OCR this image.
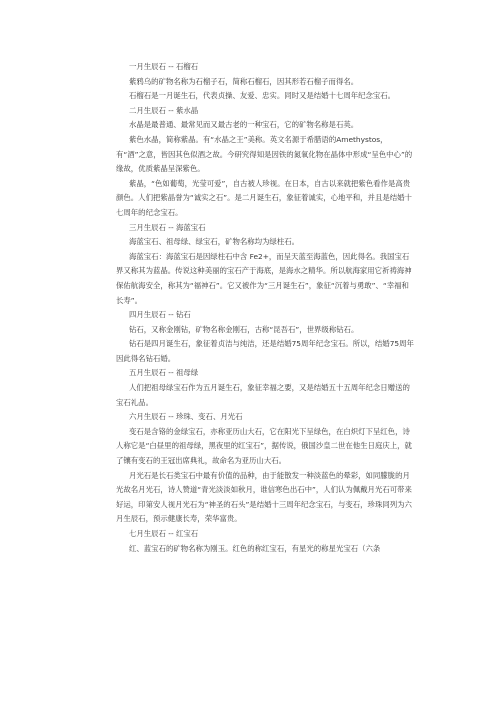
一月生辰石 -- 石榴石

紫鸦乌的矿物名称为石榴子石，简称石榴石，因其形若石榴子而得名。

石榴石是一月诞生石，代表贞操、友爱、忠实。同时又是结婚十七周年纪念宝石。

二月生辰石 -- 紫水晶

水晶是最普通、最常见而又最古老的一种宝石，它的矿物名称是石英。

紫色水晶，简称紫晶。有“水晶之王”美称。英文名源于希腊语的Amethystos，有“酒”之意，皆因其色似酒之故。今研究得知是因铁的氮氧化物在晶体中形成“呈色中心”的缘故，优质紫晶呈深紫色。

紫晶，“色如葡萄，光莹可爱”，自古被人珍视。在日本，自古以来就把紫色看作是高贵颜色。人们把紫晶誉为“诚实之石”。是二月诞生石，象征着诚实，心地平和，并且是结婚十七周年的纪念宝石。

三月生辰石 -- 海蓝宝石

海蓝宝石、祖母绿、绿宝石，矿物名称均为绿柱石。

海蓝宝石：海蓝宝石是因绿柱石中含 Fe2+，而呈天蓝至海蓝色，因此得名。我国宝石界又称其为蓝晶。传说这种美丽的宝石产于海底，是海水之精华。所以航海家用它祈祷海神保佑航海安全，称其为“福神石”。它又被作为“三月诞生石”，象征“沉着与勇敢”、“幸福和长寿”。

四月生辰石 -- 钻石

钻石，又称金刚钻，矿物名称金刚石，古称“昆吾石”，世界级称钻石。

钻石是四月诞生石，象征着贞洁与纯洁，还是结婚75周年纪念宝石。所以，结婚75周年因此得名钻石婚。

五月生辰石 -- 祖母绿

人们把祖母绿宝石作为五月诞生石，象征幸福之要，又是结婚五十五周年纪念日赠送的宝石礼品。

六月生辰石 -- 珍珠、变石、月光石

变石是含铬的金绿宝石，亦称亚历山大石，它在阳光下呈绿色，在白炽灯下呈红色，诗人称它是“白昼里的祖母绿，黑夜里的红宝石”，据传说，俄国沙皇二世在他生日庭庆上，就了镶有变石的王冠出席典礼，故命名为亚历山大石。

月光石是长石类宝石中最有价值的品种，由于能散发一种淡蓝色的晕彩，如同朦胧的月光故名月光石，诗人赞道“青光淡淡如秋月，谁信寒色出石中”，人们认为佩戴月光石可带来好运，印第安人视月光石为“神圣的石头”是结婚十三周年纪念宝石，与变石，珍珠同列为六月生辰石，预示健康长寿，荣华富贵。

七月生辰石 -- 红宝石

红、蓝宝石的矿物名称为刚玉。红色的称红宝石，有星光的称星光宝石（六条
